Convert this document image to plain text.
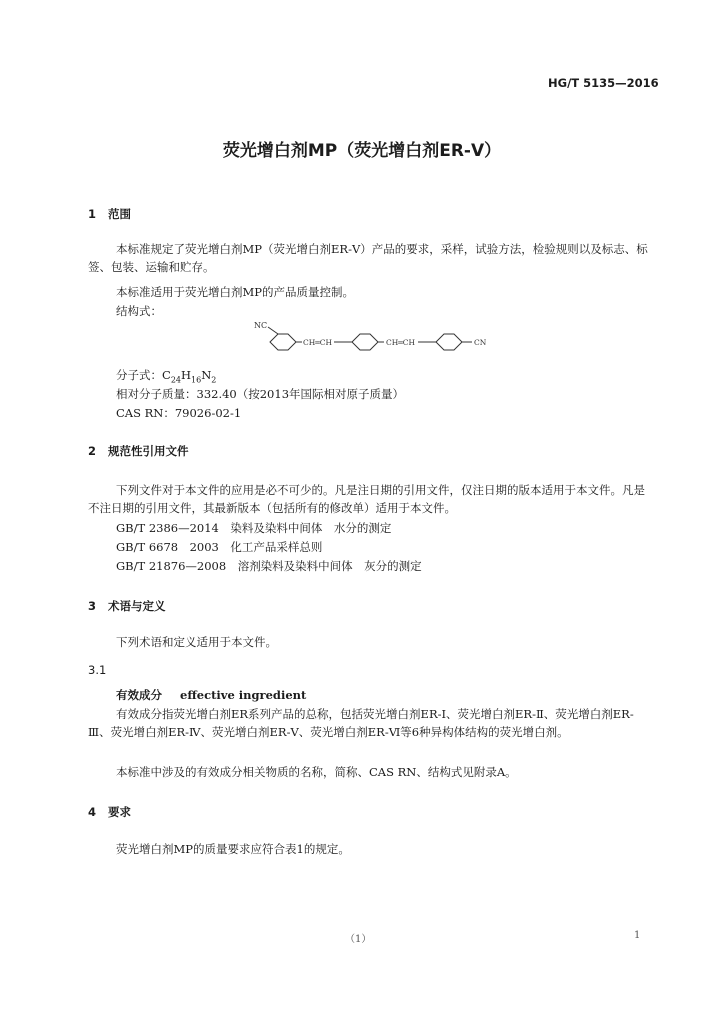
HG/T 5135—2016
荧光增白剂MP（荧光增白剂ER-Ⅴ）
1 范围
本标准规定了荧光增白剂MP（荧光增白剂ER-Ⅴ）产品的要求，采样，试验方法，检验规则以及标志、标签、包装、运输和贮存。
本标准适用于荧光增白剂MP的产品质量控制。
结构式：
NC
CH═CH	CH═CH	CN
分子式：$C_{24}H_{16}N_2$
相对分子质量：332.40（按2013年国际相对原子质量）
CAS RN：79026-02-1
2 规范性引用文件
下列文件对于本文件的应用是必不可少的。凡是注日期的引用文件，仅注日期的版本适用于本文件。凡是不注日期的引用文件，其最新版本（包括所有的修改单）适用于本文件。
GB/T 2386—2014　染料及染料中间体　水分的测定
GB/T 6678　2003　化工产品采样总则
GB/T 21876—2008　溶剂染料及染料中间体　灰分的测定
3 术语与定义
下列术语和定义适用于本文件。
3.1
有效成分 effective ingredient
有效成分指荧光增白剂ER系列产品的总称，包括荧光增白剂ER-Ⅰ、荧光增白剂ER-Ⅱ、荧光增白剂ER-Ⅲ、荧光增白剂ER-Ⅳ、荧光增白剂ER-Ⅴ、荧光增白剂ER-Ⅵ等6种异构体结构的荧光增白剂。
本标准中涉及的有效成分相关物质的名称，简称、CAS RN、结构式见附录A。
4 要求
荧光增白剂MP的质量要求应符合表1的规定。
（1）	1
